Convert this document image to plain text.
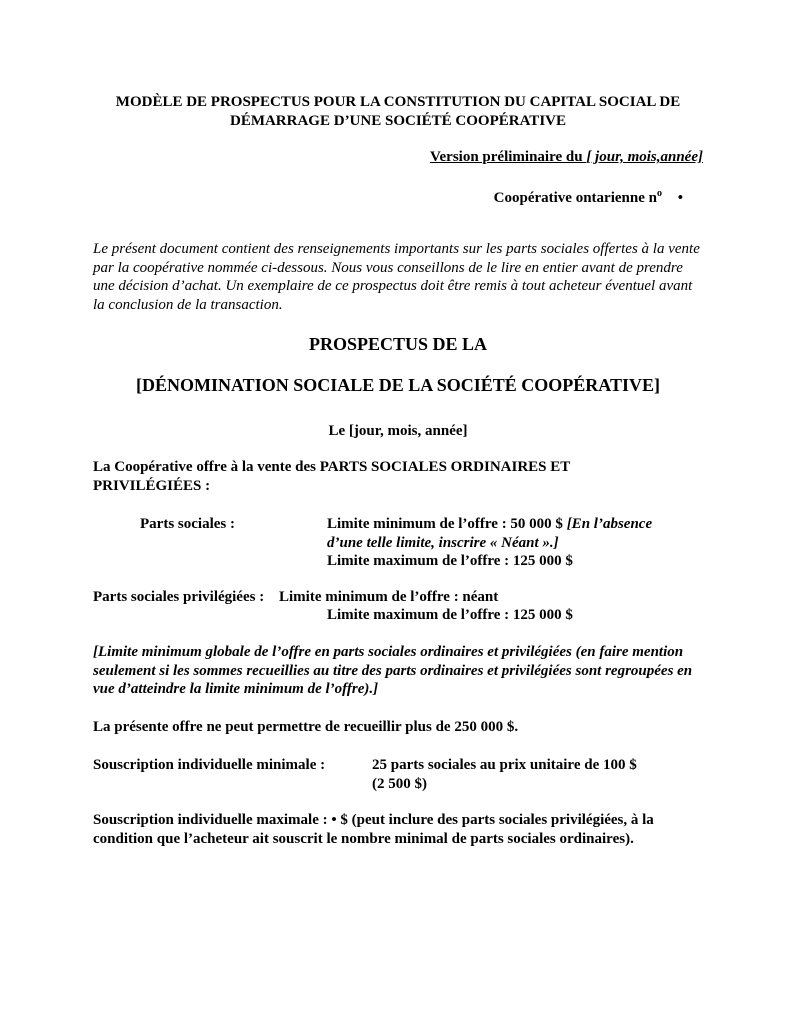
MODÈLE DE PROSPECTUS POUR LA CONSTITUTION DU CAPITAL SOCIAL DE
DÉMARRAGE D’UNE SOCIÉTÉ COOPÉRATIVE
Version préliminaire du [ jour, mois,année]
Coopérative ontarienne $n^o$ •
Le présent document contient des renseignements importants sur les parts sociales offertes à la vente par la coopérative nommée ci-dessous. Nous vous conseillons de le lire en entier avant de prendre une décision d’achat. Un exemplaire de ce prospectus doit être remis à tout acheteur éventuel avant la conclusion de la transaction.
PROSPECTUS DE LA
[DÉNOMINATION SOCIALE DE LA SOCIÉTÉ COOPÉRATIVE]
Le [jour, mois, année]
La Coopérative offre à la vente des PARTS SOCIALES ORDINAIRES ET PRIVILÉGIÉES :
Parts sociales :	Limite minimum de l’offre : 50 000 $ [En l’absence d’une telle limite, inscrire « Néant ».]
Limite maximum de l’offre : 125 000 $
Parts sociales privilégiées : Limite minimum de l’offre : néant
Limite maximum de l’offre : 125 000 $
[Limite minimum globale de l’offre en parts sociales ordinaires et privilégiées (en faire mention seulement si les sommes recueillies au titre des parts ordinaires et privilégiées sont regroupées en vue d’atteindre la limite minimum de l’offre).]
La présente offre ne peut permettre de recueillir plus de 250 000 $.
Souscription individuelle minimale :	25 parts sociales au prix unitaire de 100 $
(2 500 $)
Souscription individuelle maximale : • $ (peut inclure des parts sociales privilégiées, à la condition que l’acheteur ait souscrit le nombre minimal de parts sociales ordinaires).
